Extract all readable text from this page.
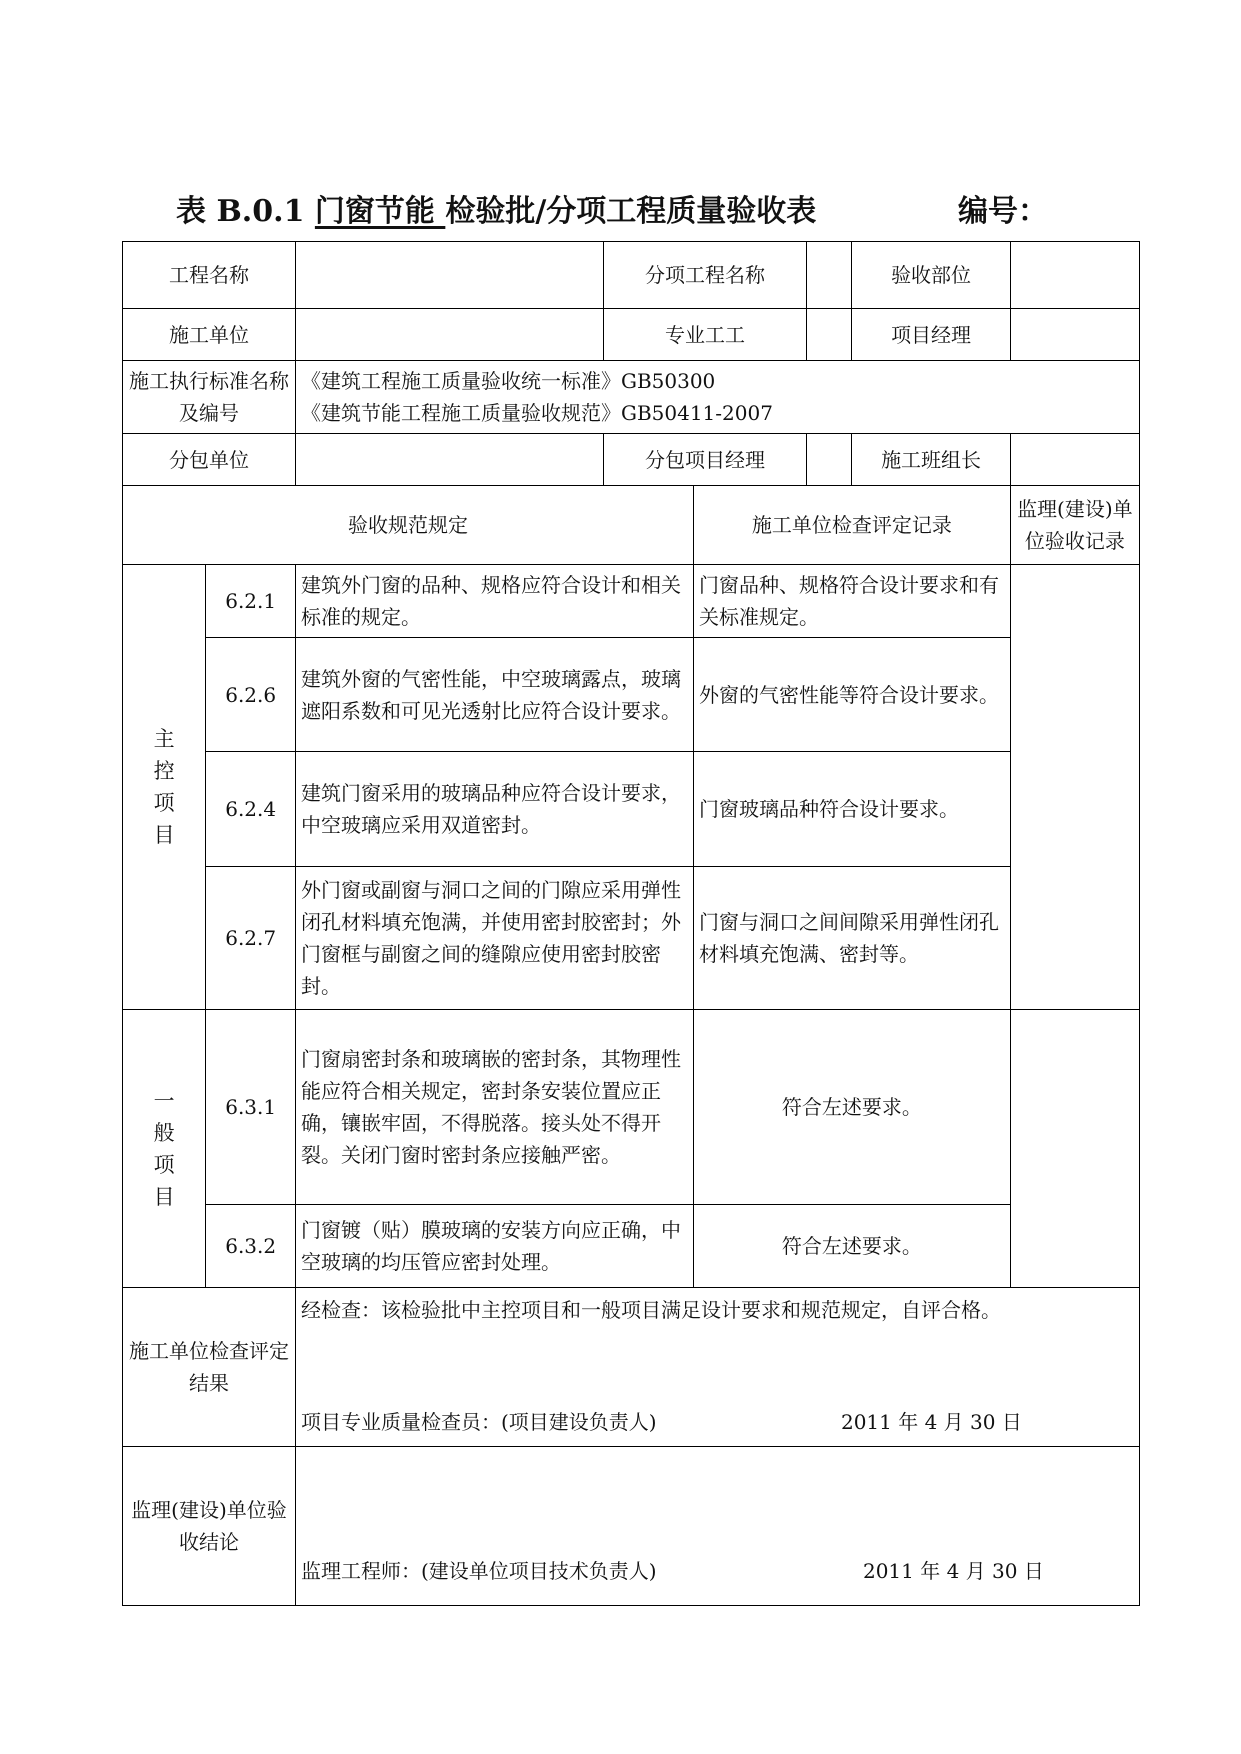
表 B.0.1 门窗节能 检验批/分项工程质量验收表	编号：
工程名称			分项工程名称			验收部位	
施工单位			专业工工			项目经理	
施工执行标准名称及编号		《建筑工程施工质量验收统一标准》GB50300
《建筑节能工程施工质量验收规范》GB50411-2007					

分包单位			分包项目经理			施工班组长	
验收规范规定				施工单位检查评定记录			监理(建设)单位验收记录

主控项目	6.2.1	建筑外门窗的品种、规格应符合设计和相关标准的规定。		门窗品种、规格符合设计要求和有关标准规定。			
	6.2.6	建筑外窗的气密性能，中空玻璃露点，玻璃遮阳系数和可见光透射比应符合设计要求。		外窗的气密性能等符合设计要求。			
	6.2.4	建筑门窗采用的玻璃品种应符合设计要求，中空玻璃应采用双道密封。		门窗玻璃品种符合设计要求。			
	6.2.7	外门窗或副窗与洞口之间的门隙应采用弹性闭孔材料填充饱满，并使用密封胶密封；外门窗框与副窗之间的缝隙应使用密封胶密封。		门窗与洞口之间间隙采用弹性闭孔材料填充饱满、密封等。			

一般项目	6.3.1	门窗扇密封条和玻璃嵌的密封条，其物理性能应符合相关规定，密封条安装位置应正确，镶嵌牢固，不得脱落。接头处不得开裂。关闭门窗时密封条应接触严密。		符合左述要求。			
	6.3.2	门窗镀（贴）膜玻璃的安装方向应正确，中空玻璃的均压管应密封处理。		符合左述要求。			
施工单位检查评定结果		经检查：该检验批中主控项目和一般项目满足设计要求和规范规定，自评合格。
项目专业质量检查员：(项目建设负责人) 2011 年 4 月 30 日					

监理(建设)单位验收结论		监理工程师：(建设单位项目技术负责人) 2011 年 4 月 30 日					
